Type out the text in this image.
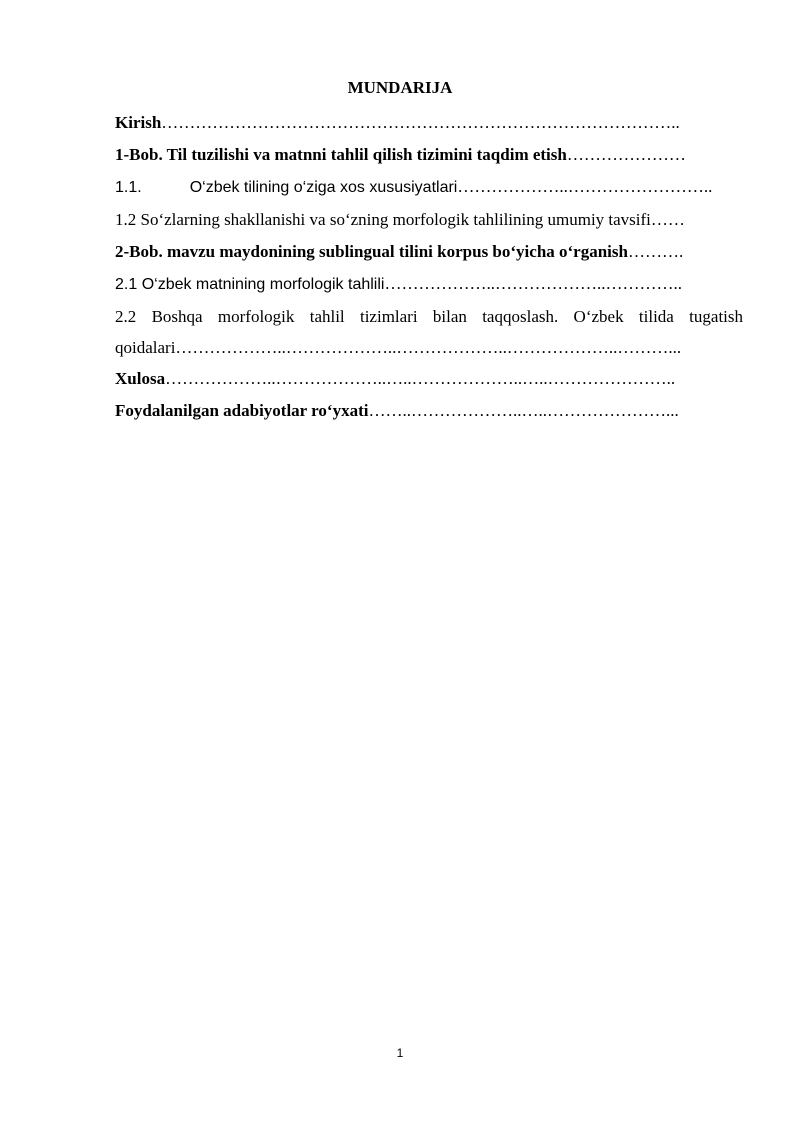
MUNDARIJA
Kirish………………………………………………………………………………..
1-Bob. Til tuzilishi va matnni tahlil qilish tizimini taqdim etish…………………
1.1.	O‘zbek tilining o‘ziga xos xususiyatlari………………..……………………..
1.2 So‘zlarning shakllanishi va so‘zning morfologik tahlilining umumiy tavsifi……
2-Bob. mavzu maydonining sublingual tilini korpus bo‘yicha o‘rganish……….
2.1 O‘zbek matnining morfologik tahlili………………..………………..…………..
2.2 Boshqa morfologik tahlil tizimlari bilan taqqoslash. O‘zbek tilida tugatish qoidalari………………..………………..………………..………………..………...
Xulosa………………..………………..…..………………..…..…………………..
Foydalanilgan adabiyotlar ro‘yxati……..………………..…..…………………...
1
